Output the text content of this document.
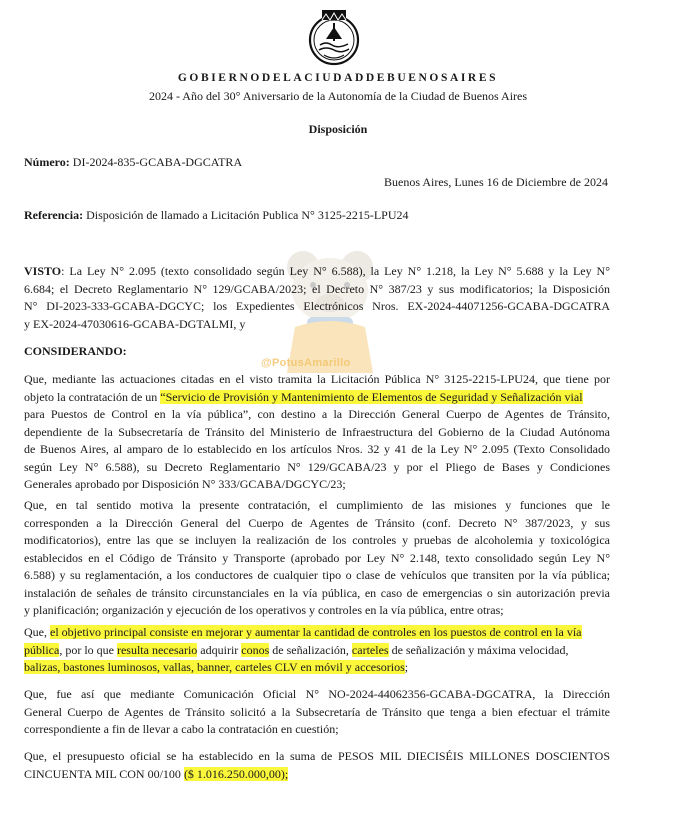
GOBIERNODELACIUDADDEBUENOSAIRES
2024 - Año del 30° Aniversario de la Autonomía de la Ciudad de Buenos Aires
Disposición
Número: DI-2024-835-GCABA-DGCATRA
Buenos Aires, Lunes 16 de Diciembre de 2024
Referencia: Disposición de llamado a Licitación Publica N° 3125-2215-LPU24
@PotusAmarillo
VISTO: La Ley N° 2.095 (texto consolidado según Ley N° 6.588), la Ley N° 1.218, la Ley N° 5.688 y la Ley N°
6.684; el Decreto Reglamentario N° 129/GCABA/2023; el Decreto N° 387/23 y sus modificatorios; la Disposición
N° DI-2023-333-GCABA-DGCYC; los Expedientes Electrónicos Nros. EX-2024-44071256-GCABA-DGCATRA
y EX-2024-47030616-GCABA-DGTALMI, y
CONSIDERANDO:
Que, mediante las actuaciones citadas en el visto tramita la Licitación Pública N° 3125-2215-LPU24, que tiene por
objeto la contratación de un “Servicio de Provisión y Mantenimiento de Elementos de Seguridad y Señalización vial
para Puestos de Control en la vía pública”, con destino a la Dirección General Cuerpo de Agentes de Tránsito,
dependiente de la Subsecretaría de Tránsito del Ministerio de Infraestructura del Gobierno de la Ciudad Autónoma
de Buenos Aires, al amparo de lo establecido en los artículos Nros. 32 y 41 de la Ley N° 2.095 (Texto Consolidado
según Ley N° 6.588), su Decreto Reglamentario N° 129/GCABA/23 y por el Pliego de Bases y Condiciones
Generales aprobado por Disposición N° 333/GCABA/DGCYC/23;
Que, en tal sentido motiva la presente contratación, el cumplimiento de las misiones y funciones que le
corresponden a la Dirección General del Cuerpo de Agentes de Tránsito (conf. Decreto N° 387/2023, y sus
modificatorios), entre las que se incluyen la realización de los controles y pruebas de alcoholemia y toxicológica
establecidos en el Código de Tránsito y Transporte (aprobado por Ley N° 2.148, texto consolidado según Ley N°
6.588) y su reglamentación, a los conductores de cualquier tipo o clase de vehículos que transiten por la vía pública;
instalación de señales de tránsito circunstanciales en la vía pública, en caso de emergencias o sin autorización previa
y planificación; organización y ejecución de los operativos y controles en la vía pública, entre otras;
Que, el objetivo principal consiste en mejorar y aumentar la cantidad de controles en los puestos de control en la vía
pública, por lo que resulta necesario adquirir conos de señalización, carteles de señalización y máxima velocidad,
balizas, bastones luminosos, vallas, banner, carteles CLV en móvil y accesorios;
Que, fue así que mediante Comunicación Oficial N° NO-2024-44062356-GCABA-DGCATRA, la Dirección
General Cuerpo de Agentes de Tránsito solicitó a la Subsecretaría de Tránsito que tenga a bien efectuar el trámite
correspondiente a fin de llevar a cabo la contratación en cuestión;
Que, el presupuesto oficial se ha establecido en la suma de PESOS MIL DIECISÉIS MILLONES DOSCIENTOS
CINCUENTA MIL CON 00/100 ($ 1.016.250.000,00);
